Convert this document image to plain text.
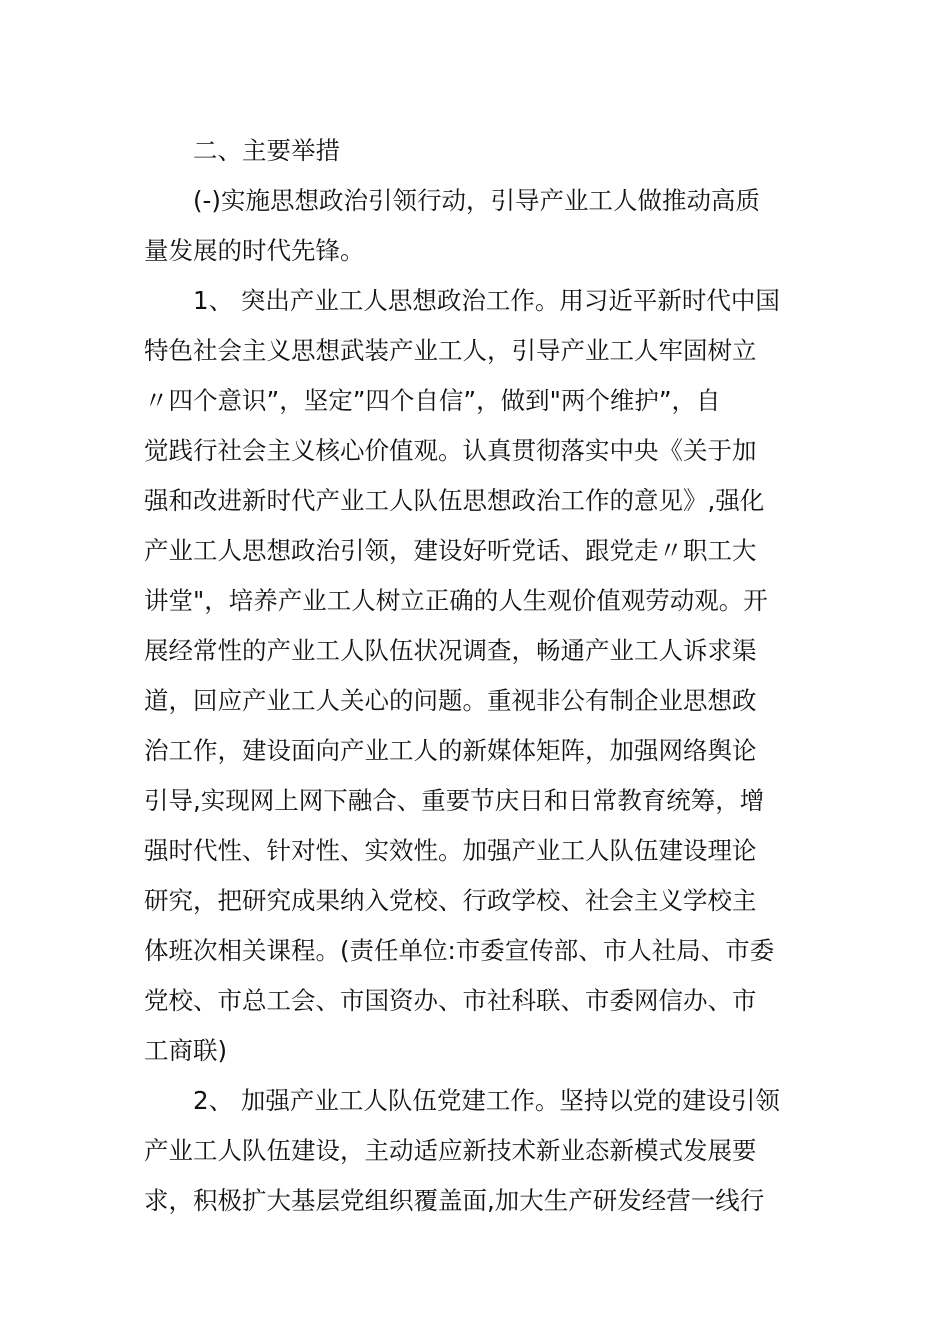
二、主要举措
(-)实施思想政治引领行动，引导产业工人做推动高质
量发展的时代先锋。
1、 突出产业工人思想政治工作。用习近平新时代中国
特色社会主义思想武装产业工人，引导产业工人牢固树立
〃四个意识”，坚定”四个自信”，做到"两个维护”，自
觉践行社会主义核心价值观。认真贯彻落实中央《关于加
强和改进新时代产业工人队伍思想政治工作的意见》,强化
产业工人思想政治引领，建设好听党话、跟党走〃职工大
讲堂"，培养产业工人树立正确的人生观价值观劳动观。开
展经常性的产业工人队伍状况调查，畅通产业工人诉求渠
道，回应产业工人关心的问题。重视非公有制企业思想政
治工作，建设面向产业工人的新媒体矩阵，加强网络舆论
引导,实现网上网下融合、重要节庆日和日常教育统筹，增
强时代性、针对性、实效性。加强产业工人队伍建设理论
研究，把研究成果纳入党校、行政学校、社会主义学校主
体班次相关课程。(责任单位:市委宣传部、市人社局、市委
党校、市总工会、市国资办、市社科联、市委网信办、市
工商联)
2、 加强产业工人队伍党建工作。坚持以党的建设引领
产业工人队伍建设，主动适应新技术新业态新模式发展要
求，积极扩大基层党组织覆盖面,加大生产研发经营一线行
